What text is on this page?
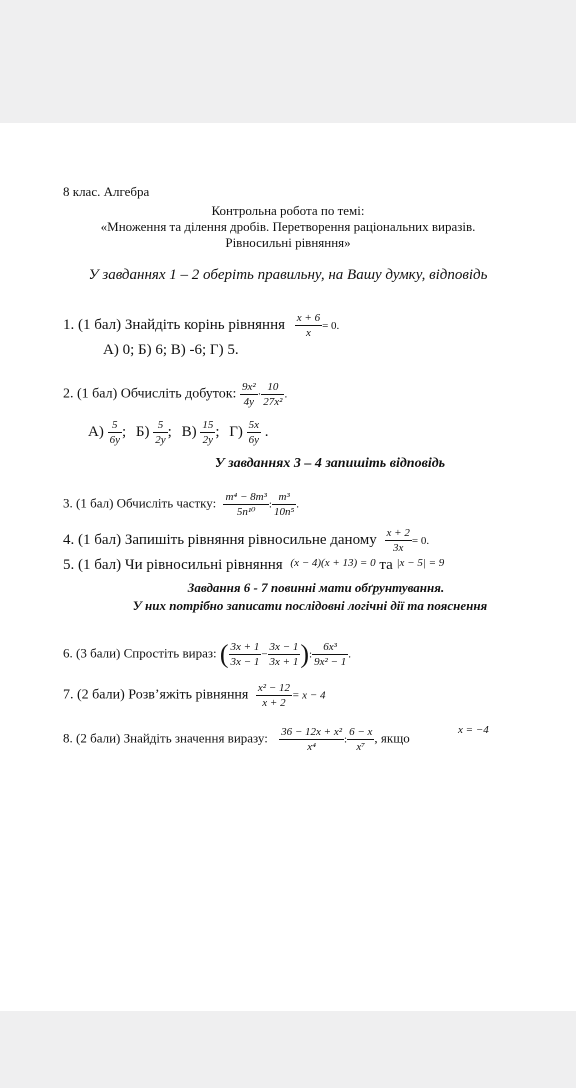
8 клас. Алгебра
Контрольна робота по темі:
«Множення та ділення дробів. Перетворення раціональних виразів.
Рівносильні рівняння»
У завданнях 1 – 2 оберіть правильну, на Вашу думку, відповідь
1. (1 бал) Знайдіть корінь рівняння $\frac{x + 6}{x} = 0$.
А) 0; Б) 6; В) -6; Г) 5.
2. (1 бал) Обчисліть добуток: $\frac{\text{9x²}}{4y} \cdot \frac{10}{\text{27x²}}$ .
$А) \frac{5}{6y}$ ; $Б) \frac{5}{2y}$ ; $В) \frac{15}{2y}$ ; $Г) \frac{5x}{6y}$ .
У завданнях 3 – 4 запишіть відповідь
3. (1 бал) Обчисліть частку: $\frac{\text{m⁴ − 8m³}}{\text{5n¹⁰}}$ : $\frac{\text{m³}}{\text{10n⁵}}$ .
4. (1 бал) Запишіть рівняння рівносильне даному $\frac{x + 2}{3x} = 0$.
5. (1 бал) Чи рівносильні рівняння $^{(x - 4)(x + 13) = 0}$ та $^{|x - 5| = 9}$
Завдання 6 - 7 повинні мати обґрунтування.
У них потрібно записати послідовні логічні дії та пояснення
6. (3 бали) Спростіть вираз: ( $\frac{3x + 1}{3x - 1} - \frac{3x - 1}{3x + 1}$ ): $\frac{\text{6x³}}{\text{9x² − 1}}$ .
7. (2 бали) Розв’яжіть рівняння $\frac{\text{x² − 12}}{x + 2} = x - 4$
8. (2 бали) Знайдіть значення виразу: $\frac{\text{36 − 12x + x²}}{\text{x⁴}}$ : $\frac{6 - x}{\text{x⁷}}$ , якщо
x = −4
